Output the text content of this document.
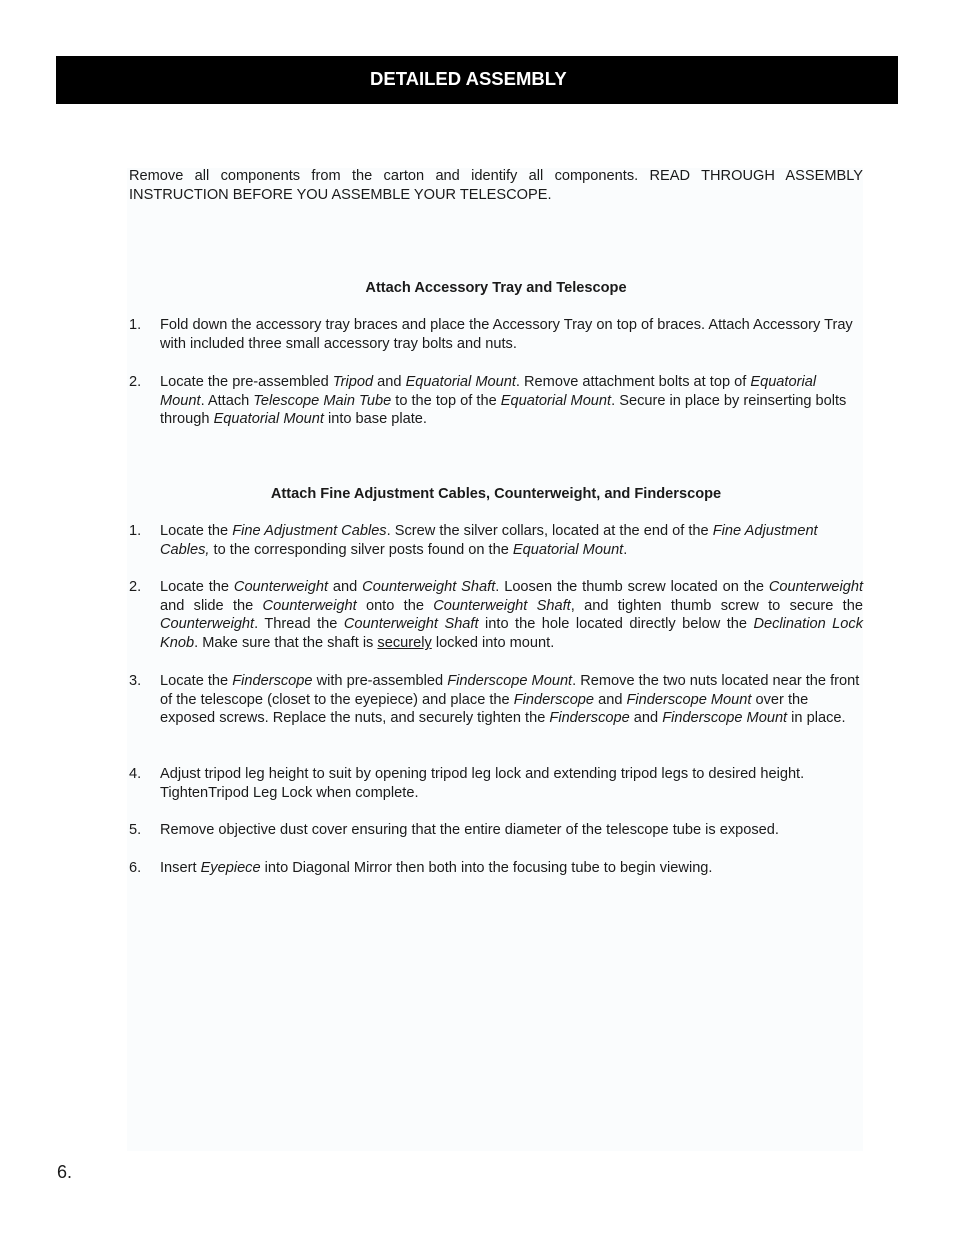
DETAILED ASSEMBLY
Remove all components from the carton and identify all components. READ THROUGH ASSEMBLY INSTRUCTION BEFORE YOU ASSEMBLE YOUR TELESCOPE.
Attach Accessory Tray and Telescope
1.	Fold down the accessory tray braces and place the Accessory Tray on top of braces. Attach Accessory Tray with included three small accessory tray bolts and nuts.
2.	Locate the pre-assembled Tripod and Equatorial Mount. Remove attachment bolts at top of Equatorial Mount. Attach Telescope Main Tube to the top of the Equatorial Mount. Secure in place by reinserting bolts through Equatorial Mount into base plate.
Attach Fine Adjustment Cables, Counterweight, and Finderscope
1.	Locate the Fine Adjustment Cables. Screw the silver collars, located at the end of the Fine Adjustment Cables, to the corresponding silver posts found on the Equatorial Mount.
2.	Locate the Counterweight and Counterweight Shaft. Loosen the thumb screw located on the Counterweight and slide the Counterweight onto the Counterweight Shaft, and tighten thumb screw to secure the Counterweight. Thread the Counterweight Shaft into the hole located directly below the Declination Lock Knob. Make sure that the shaft is securely locked into mount.
3.	Locate the Finderscope with pre-assembled Finderscope Mount. Remove the two nuts located near the front of the telescope (closet to the eyepiece) and place the Finderscope and Finderscope Mount over the exposed screws. Replace the nuts, and securely tighten the Finderscope and Finderscope Mount in place.
4.	Adjust tripod leg height to suit by opening tripod leg lock and extending tripod legs to desired height. TightenTripod Leg Lock when complete.
5.	Remove objective dust cover ensuring that the entire diameter of the telescope tube is exposed.
6.	Insert Eyepiece into Diagonal Mirror then both into the focusing tube to begin viewing.
6.
